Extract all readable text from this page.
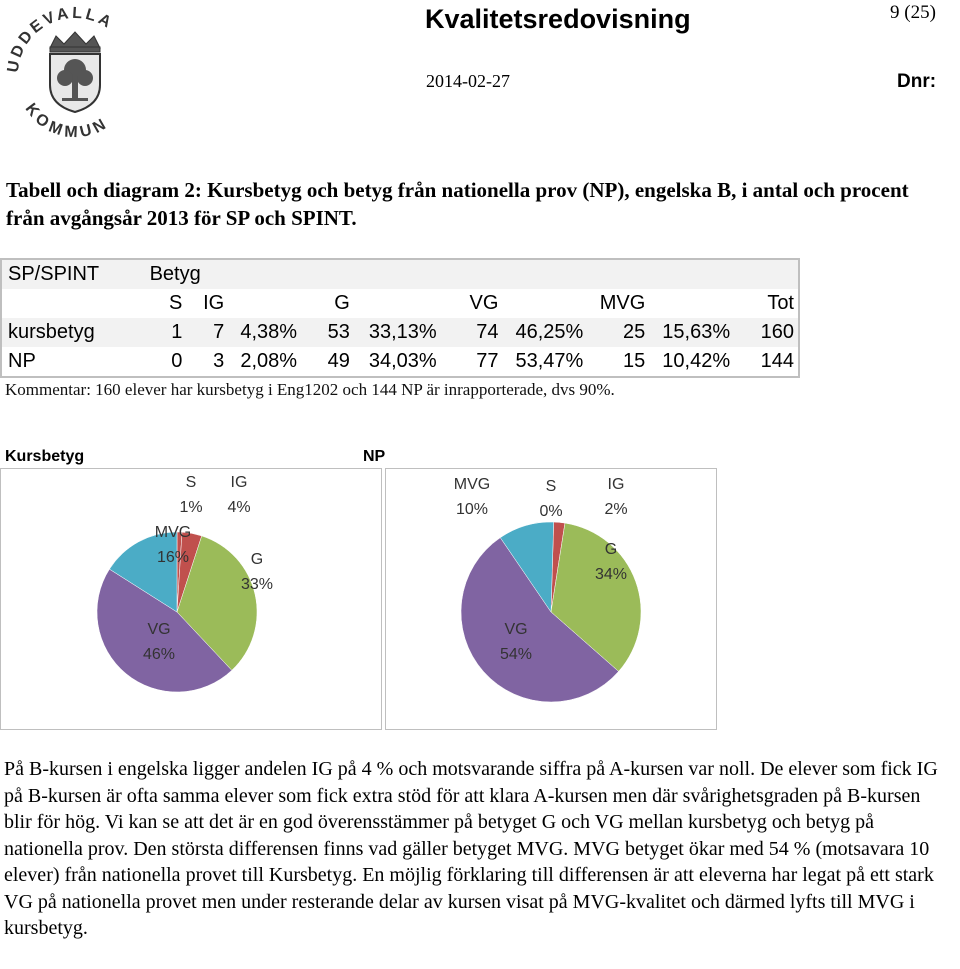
UDDEVALLA
KOMMUN
Kvalitetsredovisning	9 (25)
2014-02-27	Dnr:
Tabell och diagram 2: Kursbetyg och betyg från nationella prov (NP), engelska B, i antal och procent från avgångsår 2013 för SP och SPINT.
SP/SPINT	Betyg									
	S	IG		G		VG		MVG		Tot
kursbetyg	1	7	4,38%	53	33,13%	74	46,25%	25	15,63%	160
NP	0	3	2,08%	49	34,03%	77	53,47%	15	10,42%	144
Kommentar: 160 elever har kursbetyg i Eng1202 och 144 NP är inrapporterade, dvs 90%.
Kursbetyg	NP
S
1%
IG
4%
G
33%
VG
46%
MVG
16%
S
0%
IG
2%
G
34%
VG
54%
MVG
10%
På B-kursen i engelska ligger andelen IG på 4 % och motsvarande siffra på A-kursen var noll. De elever som fick IG på B-kursen är ofta samma elever som fick extra stöd för att klara A-kursen men där svårighetsgraden på B-kursen blir för hög. Vi kan se att det är en god överensstämmer på betyget G och VG mellan kursbetyg och betyg på nationella prov. Den största differensen finns vad gäller betyget MVG. MVG betyget ökar med 54 % (motsavara 10 elever) från nationella provet till Kursbetyg. En möjlig förklaring till differensen är att eleverna har legat på ett stark VG på nationella provet men under resterande delar av kursen visat på MVG-kvalitet och därmed lyfts till MVG i kursbetyg.
